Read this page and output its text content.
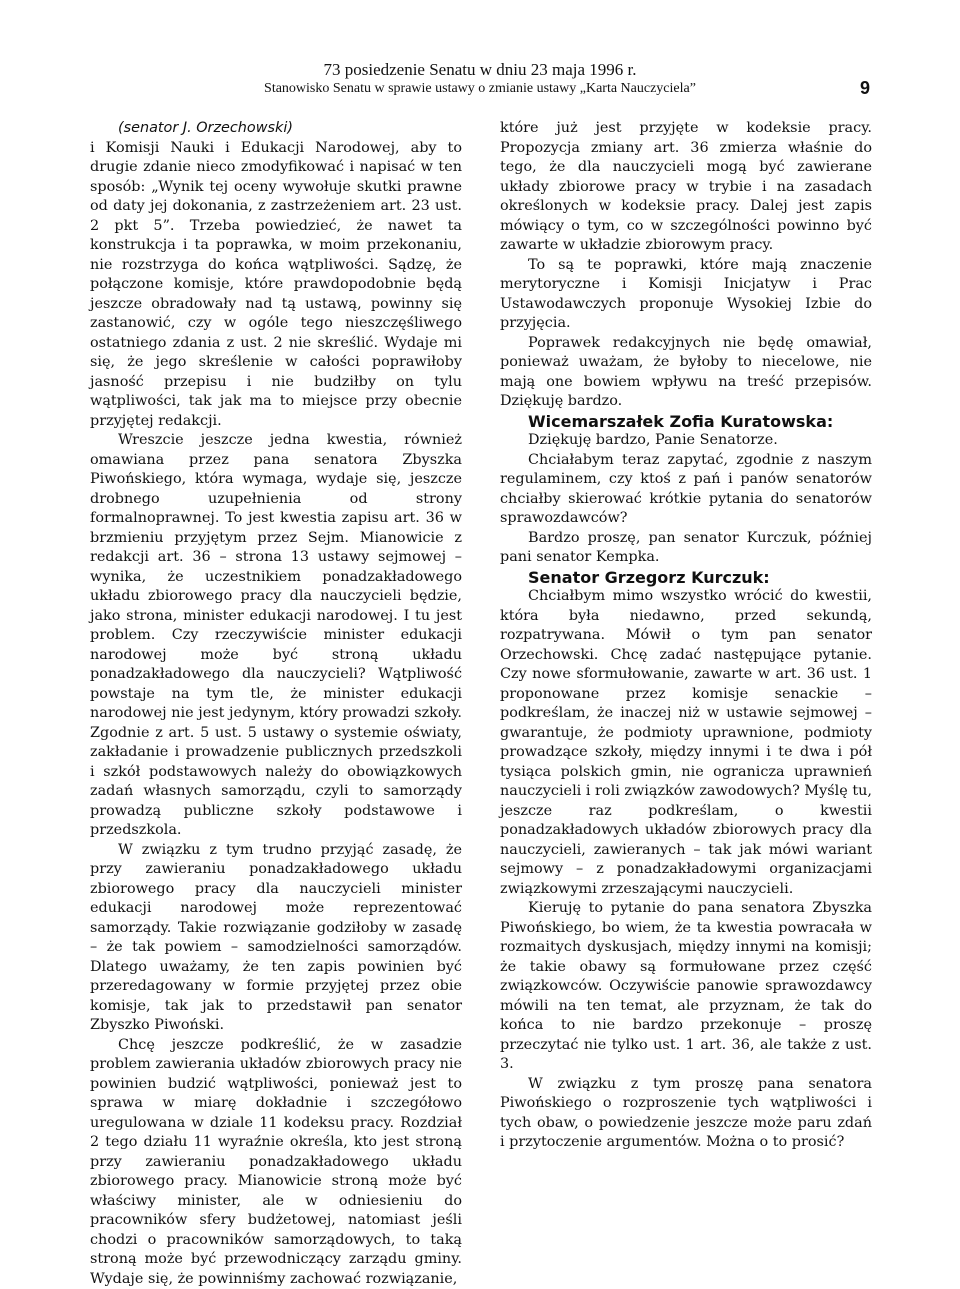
73 posiedzenie Senatu w dniu 23 maja 1996 r.
Stanowisko Senatu w sprawie ustawy o zmianie ustawy „Karta Nauczyciela”	9

(senator J. Orzechowski)

i Komisji Nauki i Edukacji Narodowej, aby to drugie zdanie nieco zmodyfikować i napisać w ten sposób: „Wynik tej oceny wywołuje skutki prawne od daty jej dokonania, z zastrzeżeniem art. 23 ust. 2 pkt 5”. Trzeba powiedzieć, że nawet ta konstrukcja i ta poprawka, w moim przekonaniu, nie rozstrzyga do końca wątpliwości. Sądzę, że połączone komisje, które prawdopodobnie będą jeszcze obradowały nad tą ustawą, powinny się zastanowić, czy w ogóle tego nieszczęśliwego ostatniego zdania z ust. 2 nie skreślić. Wydaje mi się, że jego skreślenie w całości poprawiłoby jasność przepisu i nie budziłby on tylu wątpliwości, tak jak ma to miejsce przy obecnie przyjętej redakcji.

Wreszcie jeszcze jedna kwestia, również omawiana przez pana senatora Zbyszka Piwońskiego, która wymaga, wydaje się, jeszcze drobnego uzupełnienia od strony formalnoprawnej. To jest kwestia zapisu art. 36 w brzmieniu przyjętym przez Sejm. Mianowicie z redakcji art. 36 – strona 13 ustawy sejmowej – wynika, że uczestnikiem ponadzakładowego układu zbiorowego pracy dla nauczycieli będzie, jako strona, minister edukacji narodowej. I tu jest problem. Czy rzeczywiście minister edukacji narodowej może być stroną układu ponadzakładowego dla nauczycieli? Wątpliwość powstaje na tym tle, że minister edukacji narodowej nie jest jedynym, który prowadzi szkoły. Zgodnie z art. 5 ust. 5 ustawy o systemie oświaty, zakładanie i prowadzenie publicznych przedszkoli i szkół podstawowych należy do obowiązkowych zadań własnych samorządu, czyli to samorządy prowadzą publiczne szkoły podstawowe i przedszkola.

W związku z tym trudno przyjąć zasadę, że przy zawieraniu ponadzakładowego układu zbiorowego pracy dla nauczycieli minister edukacji narodowej może reprezentować samorządy. Takie rozwiązanie godziłoby w zasadę – że tak powiem – samodzielności samorządów. Dlatego uważamy, że ten zapis powinien być przeredagowany w formie przyjętej przez obie komisje, tak jak to przedstawił pan senator Zbyszko Piwoński.

Chcę jeszcze podkreślić, że w zasadzie problem zawierania układów zbiorowych pracy nie powinien budzić wątpliwości, ponieważ jest to sprawa w miarę dokładnie i szczegółowo uregulowana w dziale 11 kodeksu pracy. Rozdział 2 tego działu 11 wyraźnie określa, kto jest stroną przy zawieraniu ponadzakładowego układu zbiorowego pracy. Mianowicie stroną może być właściwy minister, ale w odniesieniu do pracowników sfery budżetowej, natomiast jeśli chodzi o pracowników samorządowych, to taką stroną może być przewodniczący zarządu gminy. Wydaje się, że powinniśmy zachować rozwiązanie,

które już jest przyjęte w kodeksie pracy. Propozycja zmiany art. 36 zmierza właśnie do tego, że dla nauczycieli mogą być zawierane układy zbiorowe pracy w trybie i na zasadach określonych w kodeksie pracy. Dalej jest zapis mówiący o tym, co w szczególności powinno być zawarte w układzie zbiorowym pracy.

To są te poprawki, które mają znaczenie merytoryczne i Komisji Inicjatyw i Prac Ustawodawczych proponuje Wysokiej Izbie do przyjęcia.

Poprawek redakcyjnych nie będę omawiał, ponieważ uważam, że byłoby to niecelowe, nie mają one bowiem wpływu na treść przepisów. Dziękuję bardzo.

Wicemarszałek Zofia Kuratowska:

Dziękuję bardzo, Panie Senatorze.

Chciałabym teraz zapytać, zgodnie z naszym regulaminem, czy ktoś z pań i panów senatorów chciałby skierować krótkie pytania do senatorów sprawozdawców?

Bardzo proszę, pan senator Kurczuk, później pani senator Kempka.

Senator Grzegorz Kurczuk:

Chciałbym mimo wszystko wrócić do kwestii, która była niedawno, przed sekundą, rozpatrywana. Mówił o tym pan senator Orzechowski. Chcę zadać następujące pytanie. Czy nowe sformułowanie, zawarte w art. 36 ust. 1 proponowane przez komisje senackie – podkreślam, że inaczej niż w ustawie sejmowej – gwarantuje, że podmioty uprawnione, podmioty prowadzące szkoły, między innymi i te dwa i pół tysiąca polskich gmin, nie ogranicza uprawnień nauczycieli i roli związków zawodowych? Myślę tu, jeszcze raz podkreślam, o kwestii ponadzakładowych układów zbiorowych pracy dla nauczycieli, zawieranych – tak jak mówi wariant sejmowy – z ponadzakładowymi organizacjami związkowymi zrzeszającymi nauczycieli.

Kieruję to pytanie do pana senatora Zbyszka Piwońskiego, bo wiem, że ta kwestia powracała w rozmaitych dyskusjach, między innymi na komisji; że takie obawy są formułowane przez część związkowców. Oczywiście panowie sprawozdawcy mówili na ten temat, ale przyznam, że tak do końca to nie bardzo przekonuje – proszę przeczytać nie tylko ust. 1 art. 36, ale także z ust. 3.

W związku z tym proszę pana senatora Piwońskiego o rozproszenie tych wątpliwości i tych obaw, o powiedzenie jeszcze może paru zdań i przytoczenie argumentów. Można o to prosić?
